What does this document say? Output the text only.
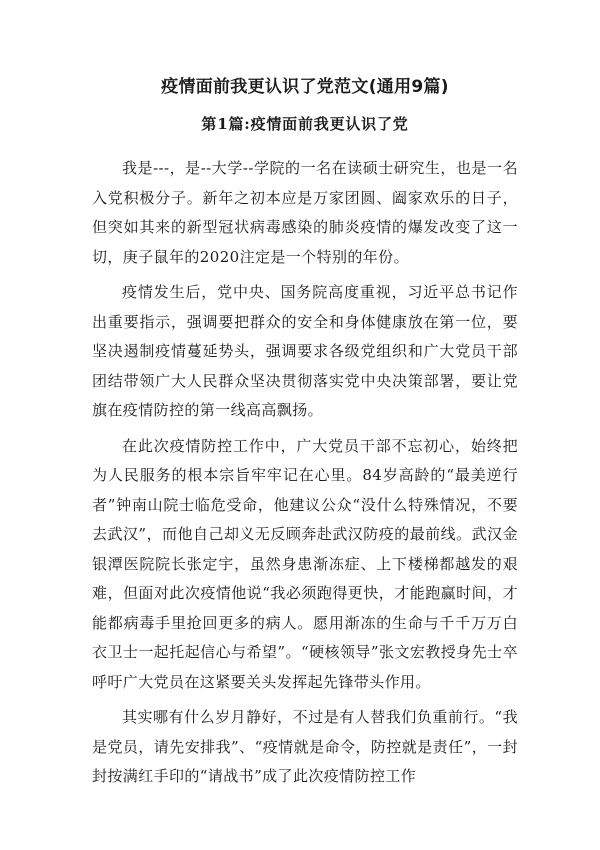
疫情面前我更认识了党范文(通用9篇)
第1篇:疫情面前我更认识了党

我是---，是--大学--学院的一名在读硕士研究生，也是一名入党积极分子。新年之初本应是万家团圆、阖家欢乐的日子，但突如其来的新型冠状病毒感染的肺炎疫情的爆发改变了这一切，庚子鼠年的2020注定是一个特别的年份。

疫情发生后，党中央、国务院高度重视，习近平总书记作出重要指示，强调要把群众的安全和身体健康放在第一位，要坚决遏制疫情蔓延势头，强调要求各级党组织和广大党员干部团结带领广大人民群众坚决贯彻落实党中央决策部署，要让党旗在疫情防控的第一线高高飘扬。

在此次疫情防控工作中，广大党员干部不忘初心，始终把为人民服务的根本宗旨牢牢记在心里。84岁高龄的“最美逆行者”钟南山院士临危受命，他建议公众“没什么特殊情况，不要去武汉”，而他自己却义无反顾奔赴武汉防疫的最前线。武汉金银潭医院院长张定宇，虽然身患渐冻症、上下楼梯都越发的艰难，但面对此次疫情他说“我必须跑得更快，才能跑赢时间，才能都病毒手里抢回更多的病人。愿用渐冻的生命与千千万万白衣卫士一起托起信心与希望”。“硬核领导”张文宏教授身先士卒呼吁广大党员在这紧要关头发挥起先锋带头作用。

其实哪有什么岁月静好，不过是有人替我们负重前行。“我是党员，请先安排我”、“疫情就是命令，防控就是责任”，一封封按满红手印的“请战书”成了此次疫情防控工作
